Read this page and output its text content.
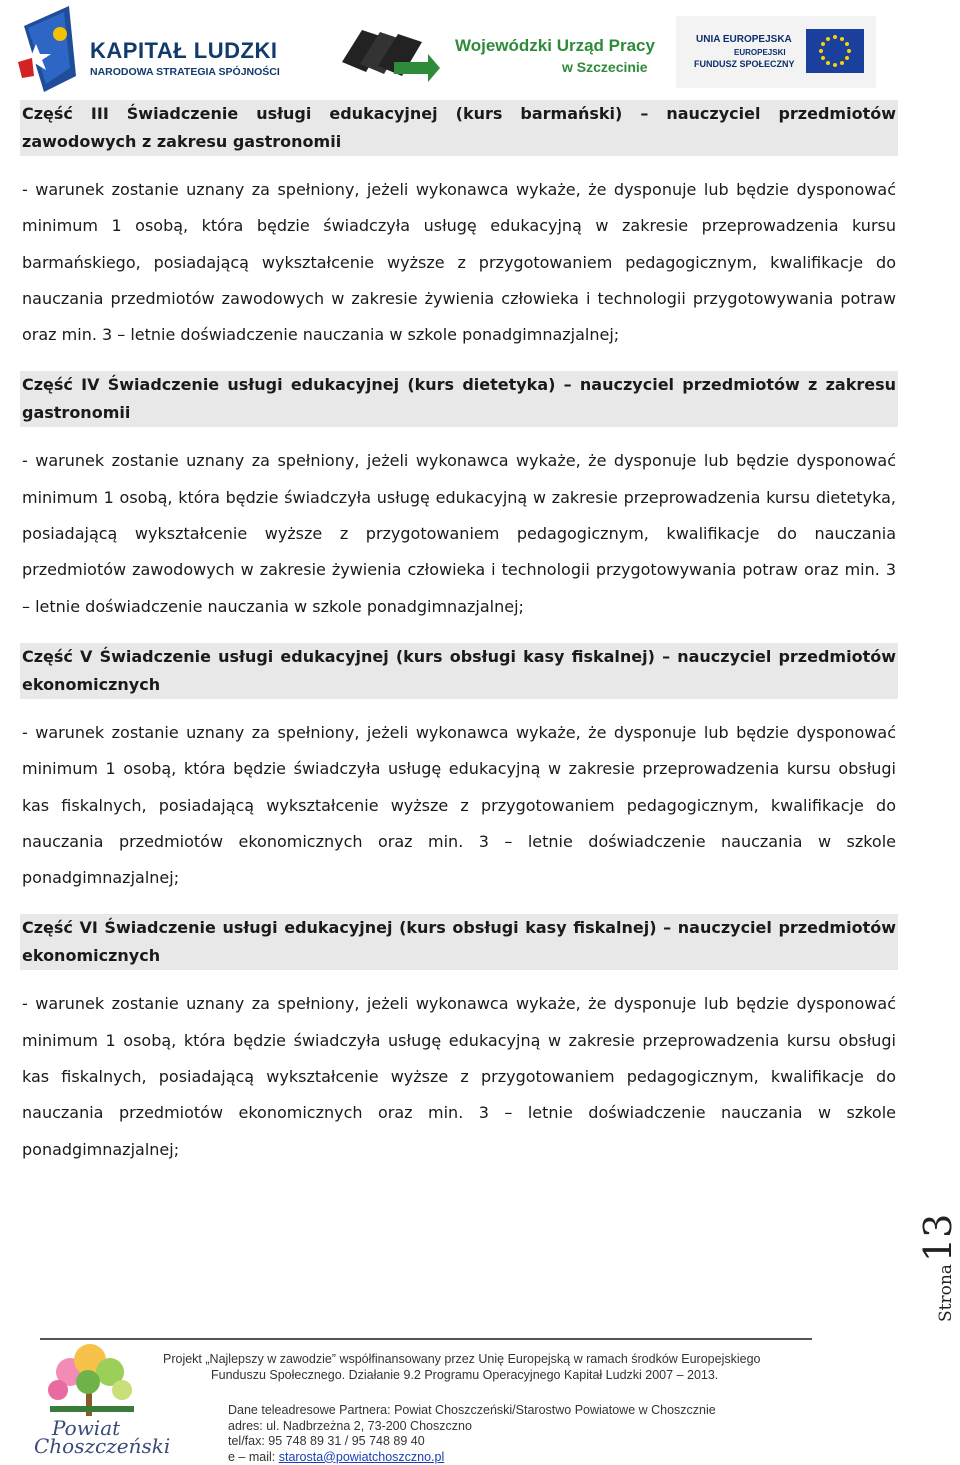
KAPITAŁ LUDZKI
NARODOWA STRATEGIA SPÓJNOŚCI
Wojewódzki Urząd Pracy
w Szczecinie
UNIA EUROPEJSKA
EUROPEJSKI
FUNDUSZ SPOŁECZNY
Część III Świadczenie usługi edukacyjnej (kurs barmański) – nauczyciel przedmiotów zawodowych z zakresu gastronomii
- warunek zostanie uznany za spełniony, jeżeli wykonawca wykaże, że dysponuje lub będzie dysponować minimum 1 osobą, która będzie świadczyła usługę edukacyjną w zakresie przeprowadzenia kursu barmańskiego, posiadającą wykształcenie wyższe z przygotowaniem pedagogicznym, kwalifikacje do nauczania przedmiotów zawodowych w zakresie żywienia człowieka i technologii przygotowywania potraw oraz min. 3 – letnie doświadczenie nauczania w szkole ponadgimnazjalnej;
Część IV Świadczenie usługi edukacyjnej (kurs dietetyka) – nauczyciel przedmiotów z zakresu gastronomii
- warunek zostanie uznany za spełniony, jeżeli wykonawca wykaże, że dysponuje lub będzie dysponować minimum 1 osobą, która będzie świadczyła usługę edukacyjną w zakresie przeprowadzenia kursu dietetyka, posiadającą wykształcenie wyższe z przygotowaniem pedagogicznym, kwalifikacje do nauczania przedmiotów zawodowych w zakresie żywienia człowieka i technologii przygotowywania potraw oraz min. 3 – letnie doświadczenie nauczania w szkole ponadgimnazjalnej;
Część V Świadczenie usługi edukacyjnej (kurs obsługi kasy fiskalnej) – nauczyciel przedmiotów ekonomicznych
- warunek zostanie uznany za spełniony, jeżeli wykonawca wykaże, że dysponuje lub będzie dysponować minimum 1 osobą, która będzie świadczyła usługę edukacyjną w zakresie przeprowadzenia kursu obsługi kas fiskalnych, posiadającą wykształcenie wyższe z przygotowaniem pedagogicznym, kwalifikacje do nauczania przedmiotów ekonomicznych oraz min. 3 – letnie doświadczenie nauczania w szkole ponadgimnazjalnej;
Część VI Świadczenie usługi edukacyjnej (kurs obsługi kasy fiskalnej) – nauczyciel przedmiotów ekonomicznych
- warunek zostanie uznany za spełniony, jeżeli wykonawca wykaże, że dysponuje lub będzie dysponować minimum 1 osobą, która będzie świadczyła usługę edukacyjną w zakresie przeprowadzenia kursu obsługi kas fiskalnych, posiadającą wykształcenie wyższe z przygotowaniem pedagogicznym, kwalifikacje do nauczania przedmiotów ekonomicznych oraz min. 3 – letnie doświadczenie nauczania w szkole ponadgimnazjalnej;
Strona13
Powiat
Choszczeński
Projekt „Najlepszy w zawodzie” współfinansowany przez Unię Europejską w ramach środków Europejskiego
Funduszu Społecznego. Działanie 9.2 Programu Operacyjnego Kapitał Ludzki 2007 – 2013.
Dane teleadresowe Partnera: Powiat Choszczeński/Starostwo Powiatowe w Choszcznie
adres: ul. Nadbrzeżna 2, 73-200 Choszczno
tel/fax: 95 748 89 31 / 95 748 89 40
e – mail: starosta@powiatchoszczno.pl
